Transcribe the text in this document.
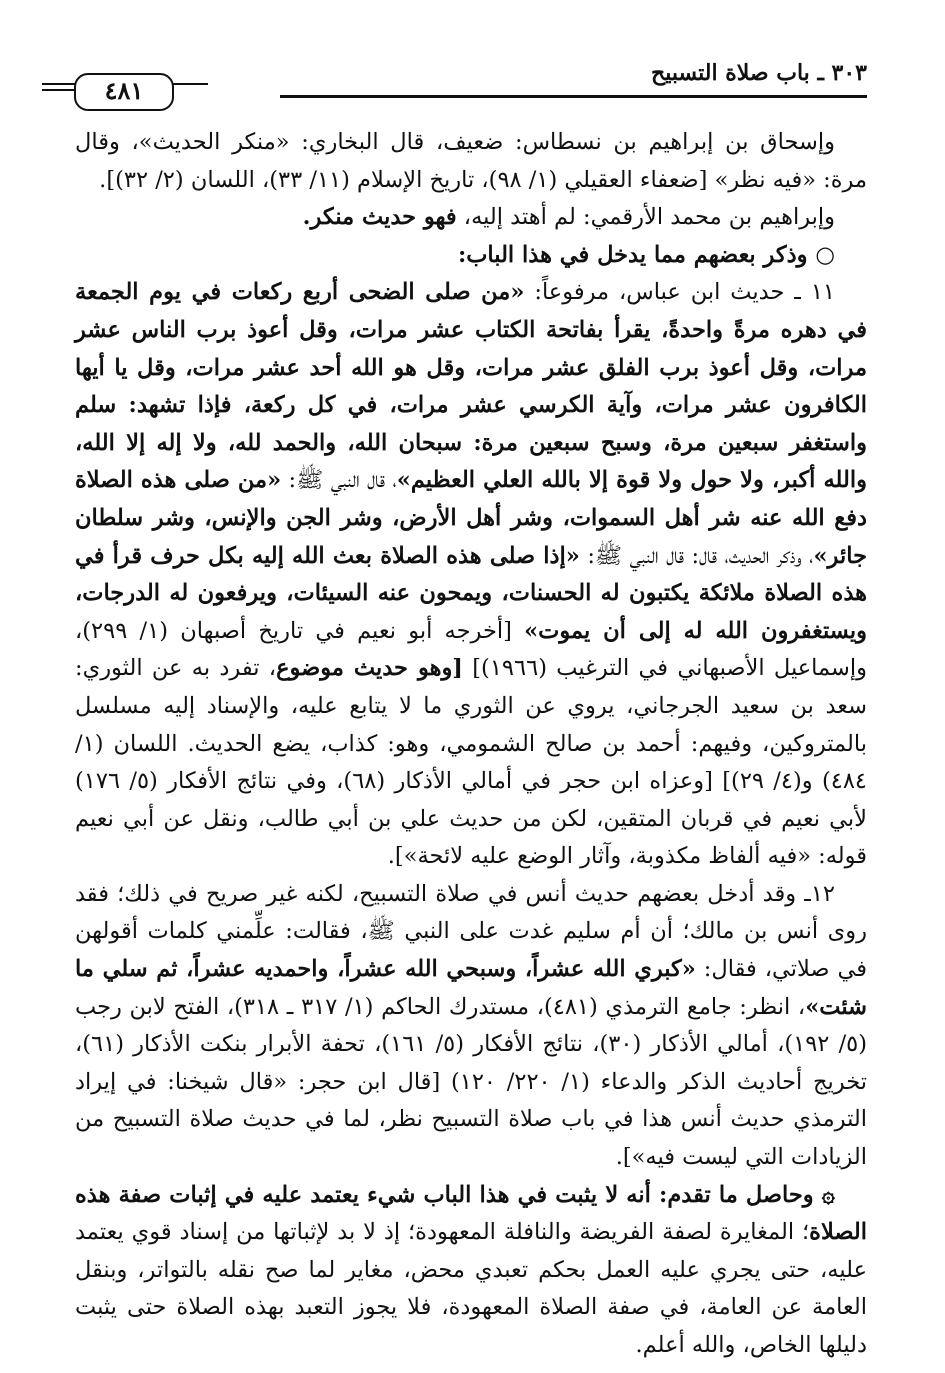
٣٠٣ ـ باب صلاة التسبيح
٤٨١

وإسحاق بن إبراهيم بن نسطاس: ضعيف، قال البخاري: «منكر الحديث»، وقال مرة: «فيه نظر» [ضعفاء العقيلي (١/ ٩٨)، تاريخ الإسلام (١١/ ٣٣)، اللسان (٢/ ٣٢)].

وإبراهيم بن محمد الأرقمي: لم أهتد إليه، فهو حديث منكر.

○ وذكر بعضهم مما يدخل في هذا الباب:

١١ ـ حديث ابن عباس، مرفوعاً: «من صلى الضحى أربع ركعات في يوم الجمعة في دهره مرةً واحدةً، يقرأ بفاتحة الكتاب عشر مرات، وقل أعوذ برب الناس عشر مرات، وقل أعوذ برب الفلق عشر مرات، وقل هو الله أحد عشر مرات، وقل يا أيها الكافرون عشر مرات، وآية الكرسي عشر مرات، في كل ركعة، فإذا تشهد: سلم واستغفر سبعين مرة، وسبح سبعين مرة: سبحان الله، والحمد لله، ولا إله إلا الله، والله أكبر، ولا حول ولا قوة إلا بالله العلي العظيم»، قال النبي ﷺ: «من صلى هذه الصلاة دفع الله عنه شر أهل السموات، وشر أهل الأرض، وشر الجن والإنس، وشر سلطان جائر»، وذكر الحديث، قال: قال النبي ﷺ: «إذا صلى هذه الصلاة بعث الله إليه بكل حرف قرأ في هذه الصلاة ملائكة يكتبون له الحسنات، ويمحون عنه السيئات، ويرفعون له الدرجات، ويستغفرون الله له إلى أن يموت» [أخرجه أبو نعيم في تاريخ أصبهان (١/ ٢٩٩)، وإسماعيل الأصبهاني في الترغيب (١٩٦٦)] [وهو حديث موضوع، تفرد به عن الثوري: سعد بن سعيد الجرجاني، يروي عن الثوري ما لا يتابع عليه، والإسناد إليه مسلسل بالمتروكين، وفيهم: أحمد بن صالح الشمومي، وهو: كذاب، يضع الحديث. اللسان (١/ ٤٨٤) و(٤/ ٢٩)] [وعزاه ابن حجر في أمالي الأذكار (٦٨)، وفي نتائج الأفكار (٥/ ١٧٦) لأبي نعيم في قربان المتقين، لكن من حديث علي بن أبي طالب، ونقل عن أبي نعيم قوله: «فيه ألفاظ مكذوبة، وآثار الوضع عليه لائحة»].

١٢ـ وقد أدخل بعضهم حديث أنس في صلاة التسبيح، لكنه غير صريح في ذلك؛ فقد روى أنس بن مالك؛ أن أم سليم غدت على النبي ﷺ، فقالت: علِّمني كلمات أقولهن في صلاتي، فقال: «كبري الله عشراً، وسبحي الله عشراً، واحمديه عشراً، ثم سلي ما شئت»، انظر: جامع الترمذي (٤٨١)، مستدرك الحاكم (١/ ٣١٧ ـ ٣١٨)، الفتح لابن رجب (٥/ ١٩٢)، أمالي الأذكار (٣٠)، نتائج الأفكار (٥/ ١٦١)، تحفة الأبرار بنكت الأذكار (٦١)، تخريج أحاديث الذكر والدعاء (١/ ٢٢٠/ ١٢٠) [قال ابن حجر: «قال شيخنا: في إيراد الترمذي حديث أنس هذا في باب صلاة التسبيح نظر، لما في حديث صلاة التسبيح من الزيادات التي ليست فيه»].

۞ وحاصل ما تقدم: أنه لا يثبت في هذا الباب شيء يعتمد عليه في إثبات صفة هذه الصلاة؛ المغايرة لصفة الفريضة والنافلة المعهودة؛ إذ لا بد لإثباتها من إسناد قوي يعتمد عليه، حتى يجري عليه العمل بحكم تعبدي محض، مغاير لما صح نقله بالتواتر، وبنقل العامة عن العامة، في صفة الصلاة المعهودة، فلا يجوز التعبد بهذه الصلاة حتى يثبت دليلها الخاص، والله أعلم.
